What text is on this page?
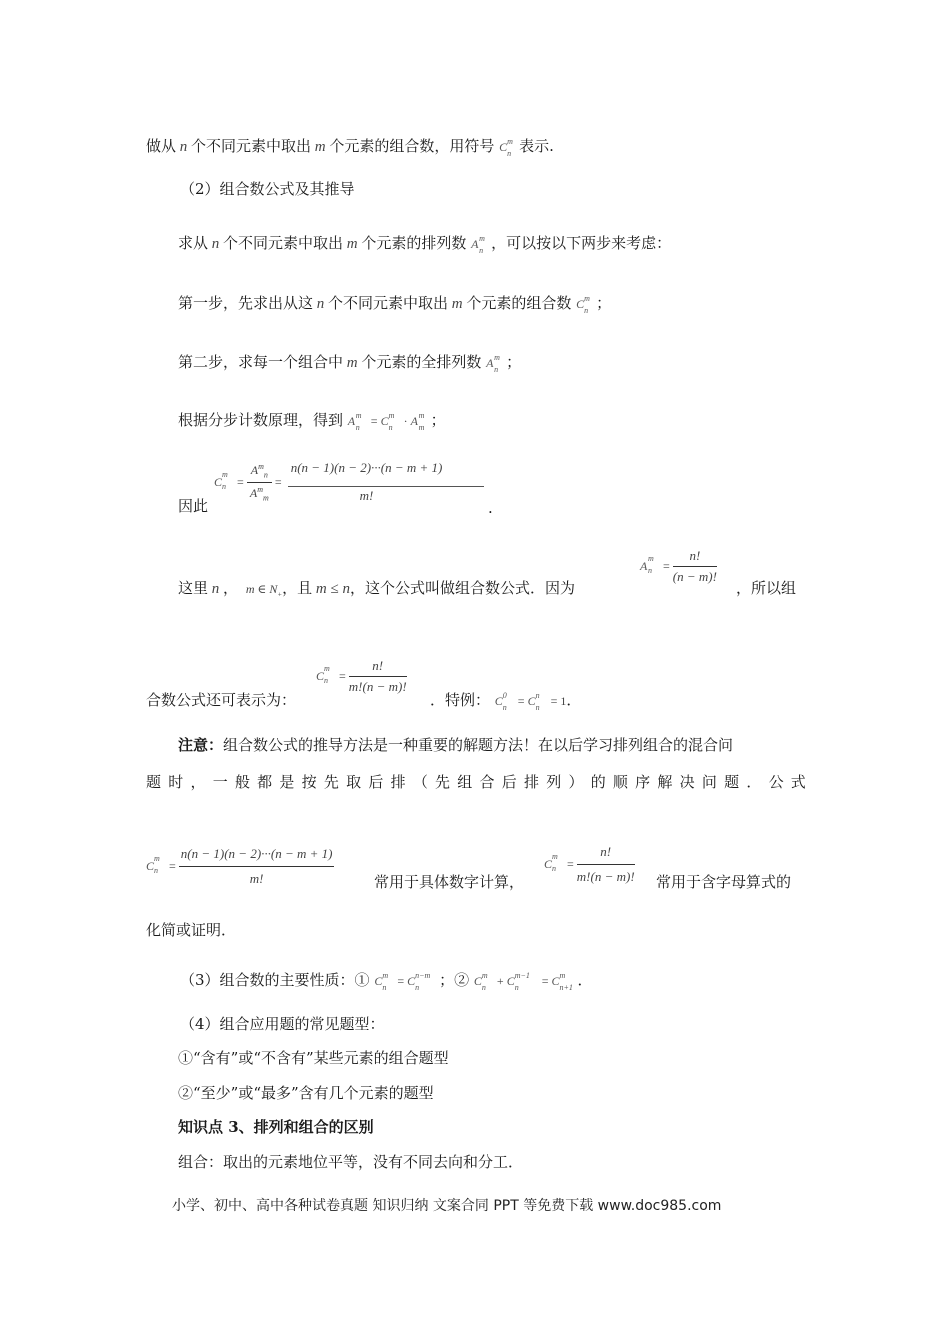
做从 n 个不同元素中取出 m 个元素的组合数，用符号 C m
n 表示.
（2）组合数公式及其推导
求从 n 个不同元素中取出 m 个元素的排列数 A m
n ，可以按以下两步来考虑：
第一步，先求出从这 n 个不同元素中取出 m 个元素的组合数 C m
n ；
第二步，求每一个组合中 m 个元素的全排列数 A m
n ；
根据分步计数原理，得到 A m
n = C m
n · A m
m ；
因此
C
m
$n = \frac{A^m_n}{A^m_m}$ =
n(n − 1)(n − 2)···(n − m + 1)
m!
.
这里 n ，  m ∈ $N_+$，且 m ≤ n，这个公式叫做组合数公式．因为
A
m
$n = \frac{n!}{(n - m)!}$
，所以组
合数公式还可表示为：
C
m
$n = \frac{n!}{m!(n - m)!}$
．特例： C 0
n = C n
n = 1．
注意：组合数公式的推导方法是一种重要的解题方法！在以后学习排列组合的混合问
题 时 ， 一 般 都 是 按 先 取 后 排 （ 先 组 合 后 排 列 ） 的 顺 序 解 决 问 题 ． 公 式
C
m
$n = \frac{n(n - 1)(n - 2)\cdot\cdot\cdot(n - m + 1)}{m!}$	常用于具体数字计算，
C
m
$n = \frac{n!}{m!(n - m)!}$ 常用于含字母算式的
化简或证明．
（3）组合数的主要性质：① C m
n = C n−m
n ；② C m
n + C m−1
n = C m
n+1 ．
（4）组合应用题的常见题型：
①“含有”或“不含有”某些元素的组合题型
②“至少”或“最多”含有几个元素的题型
知识点 3、排列和组合的区别
组合：取出的元素地位平等，没有不同去向和分工．
小学、初中、高中各种试卷真题 知识归纳 文案合同 PPT 等免费下载 www.doc985.com
